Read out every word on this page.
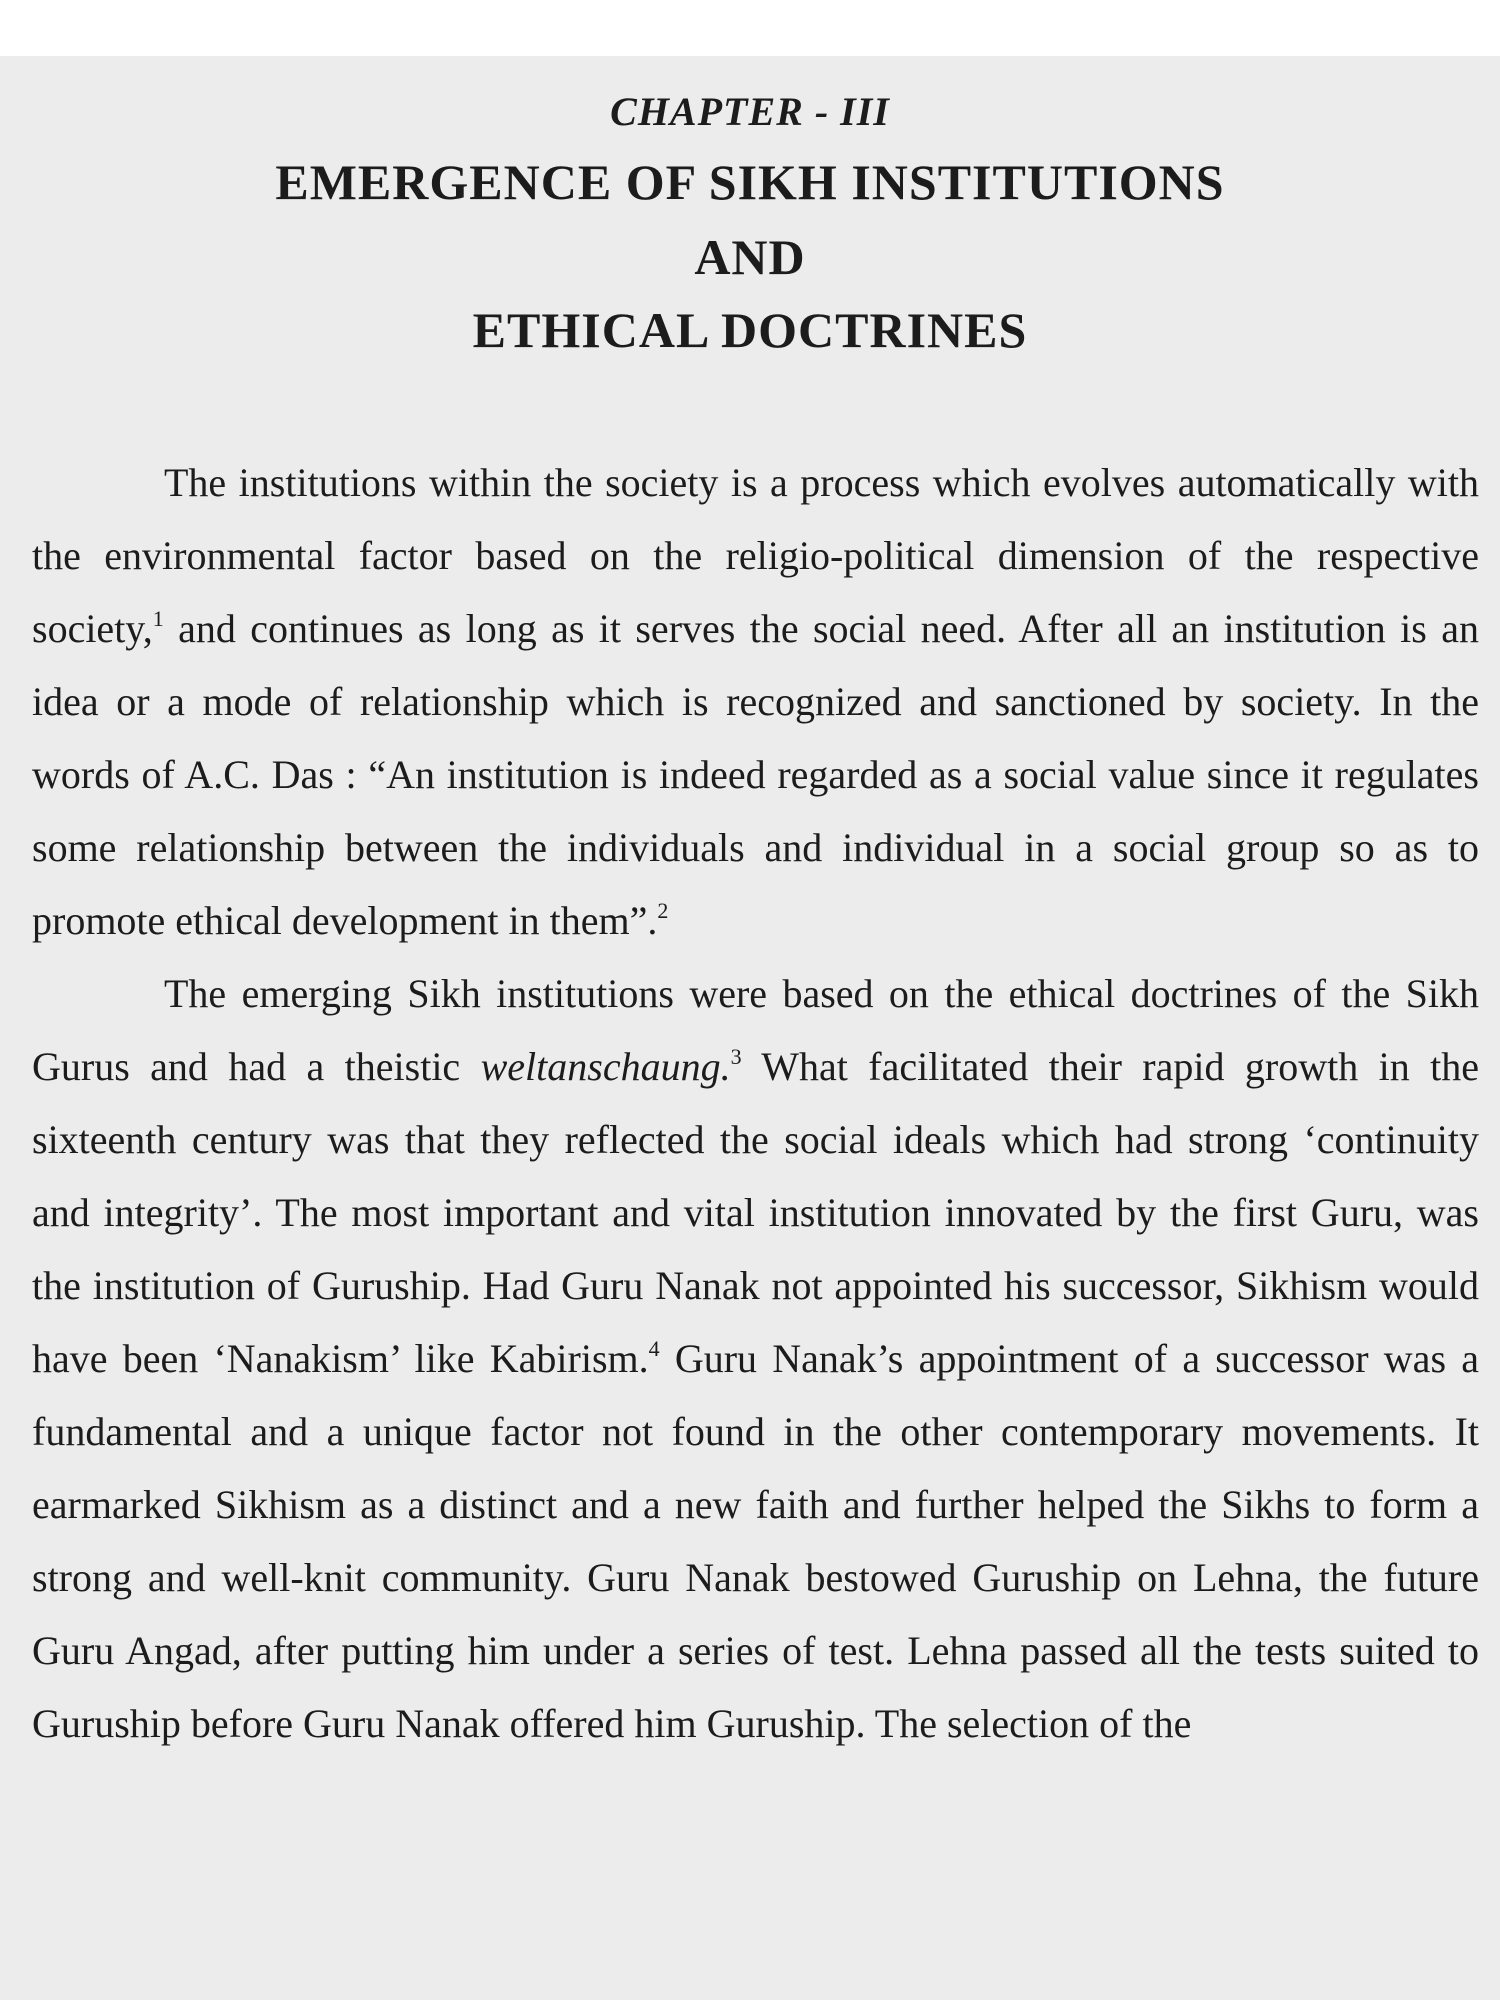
CHAPTER - III
EMERGENCE OF SIKH INSTITUTIONS
AND
ETHICAL DOCTRINES

The institutions within the society is a process which evolves automatically with the environmental factor based on the religio-political dimension of the respective society,$^1$ and continues as long as it serves the social need. After all an institution is an idea or a mode of relationship which is recognized and sanctioned by society. In the words of A.C. Das : “An institution is indeed regarded as a social value since it regulates some relationship between the individuals and individual in a social group so as to promote ethical development in them”.$^2$

The emerging Sikh institutions were based on the ethical doctrines of the Sikh Gurus and had a theistic weltanschaung.$^3$ What facilitated their rapid growth in the sixteenth century was that they reflected the social ideals which had strong ‘continuity and integrity’. The most important and vital institution innovated by the first Guru, was the institution of Guruship. Had Guru Nanak not appointed his successor, Sikhism would have been ‘Nanakism’ like Kabirism.$^4$ Guru Nanak’s appointment of a successor was a fundamental and a unique factor not found in the other contemporary movements. It earmarked Sikhism as a distinct and a new faith and further helped the Sikhs to form a strong and well-knit community. Guru Nanak bestowed Guruship on Lehna, the future Guru Angad, after putting him under a series of test. Lehna passed all the tests suited to Guruship before Guru Nanak offered him Guruship. The selection of the
